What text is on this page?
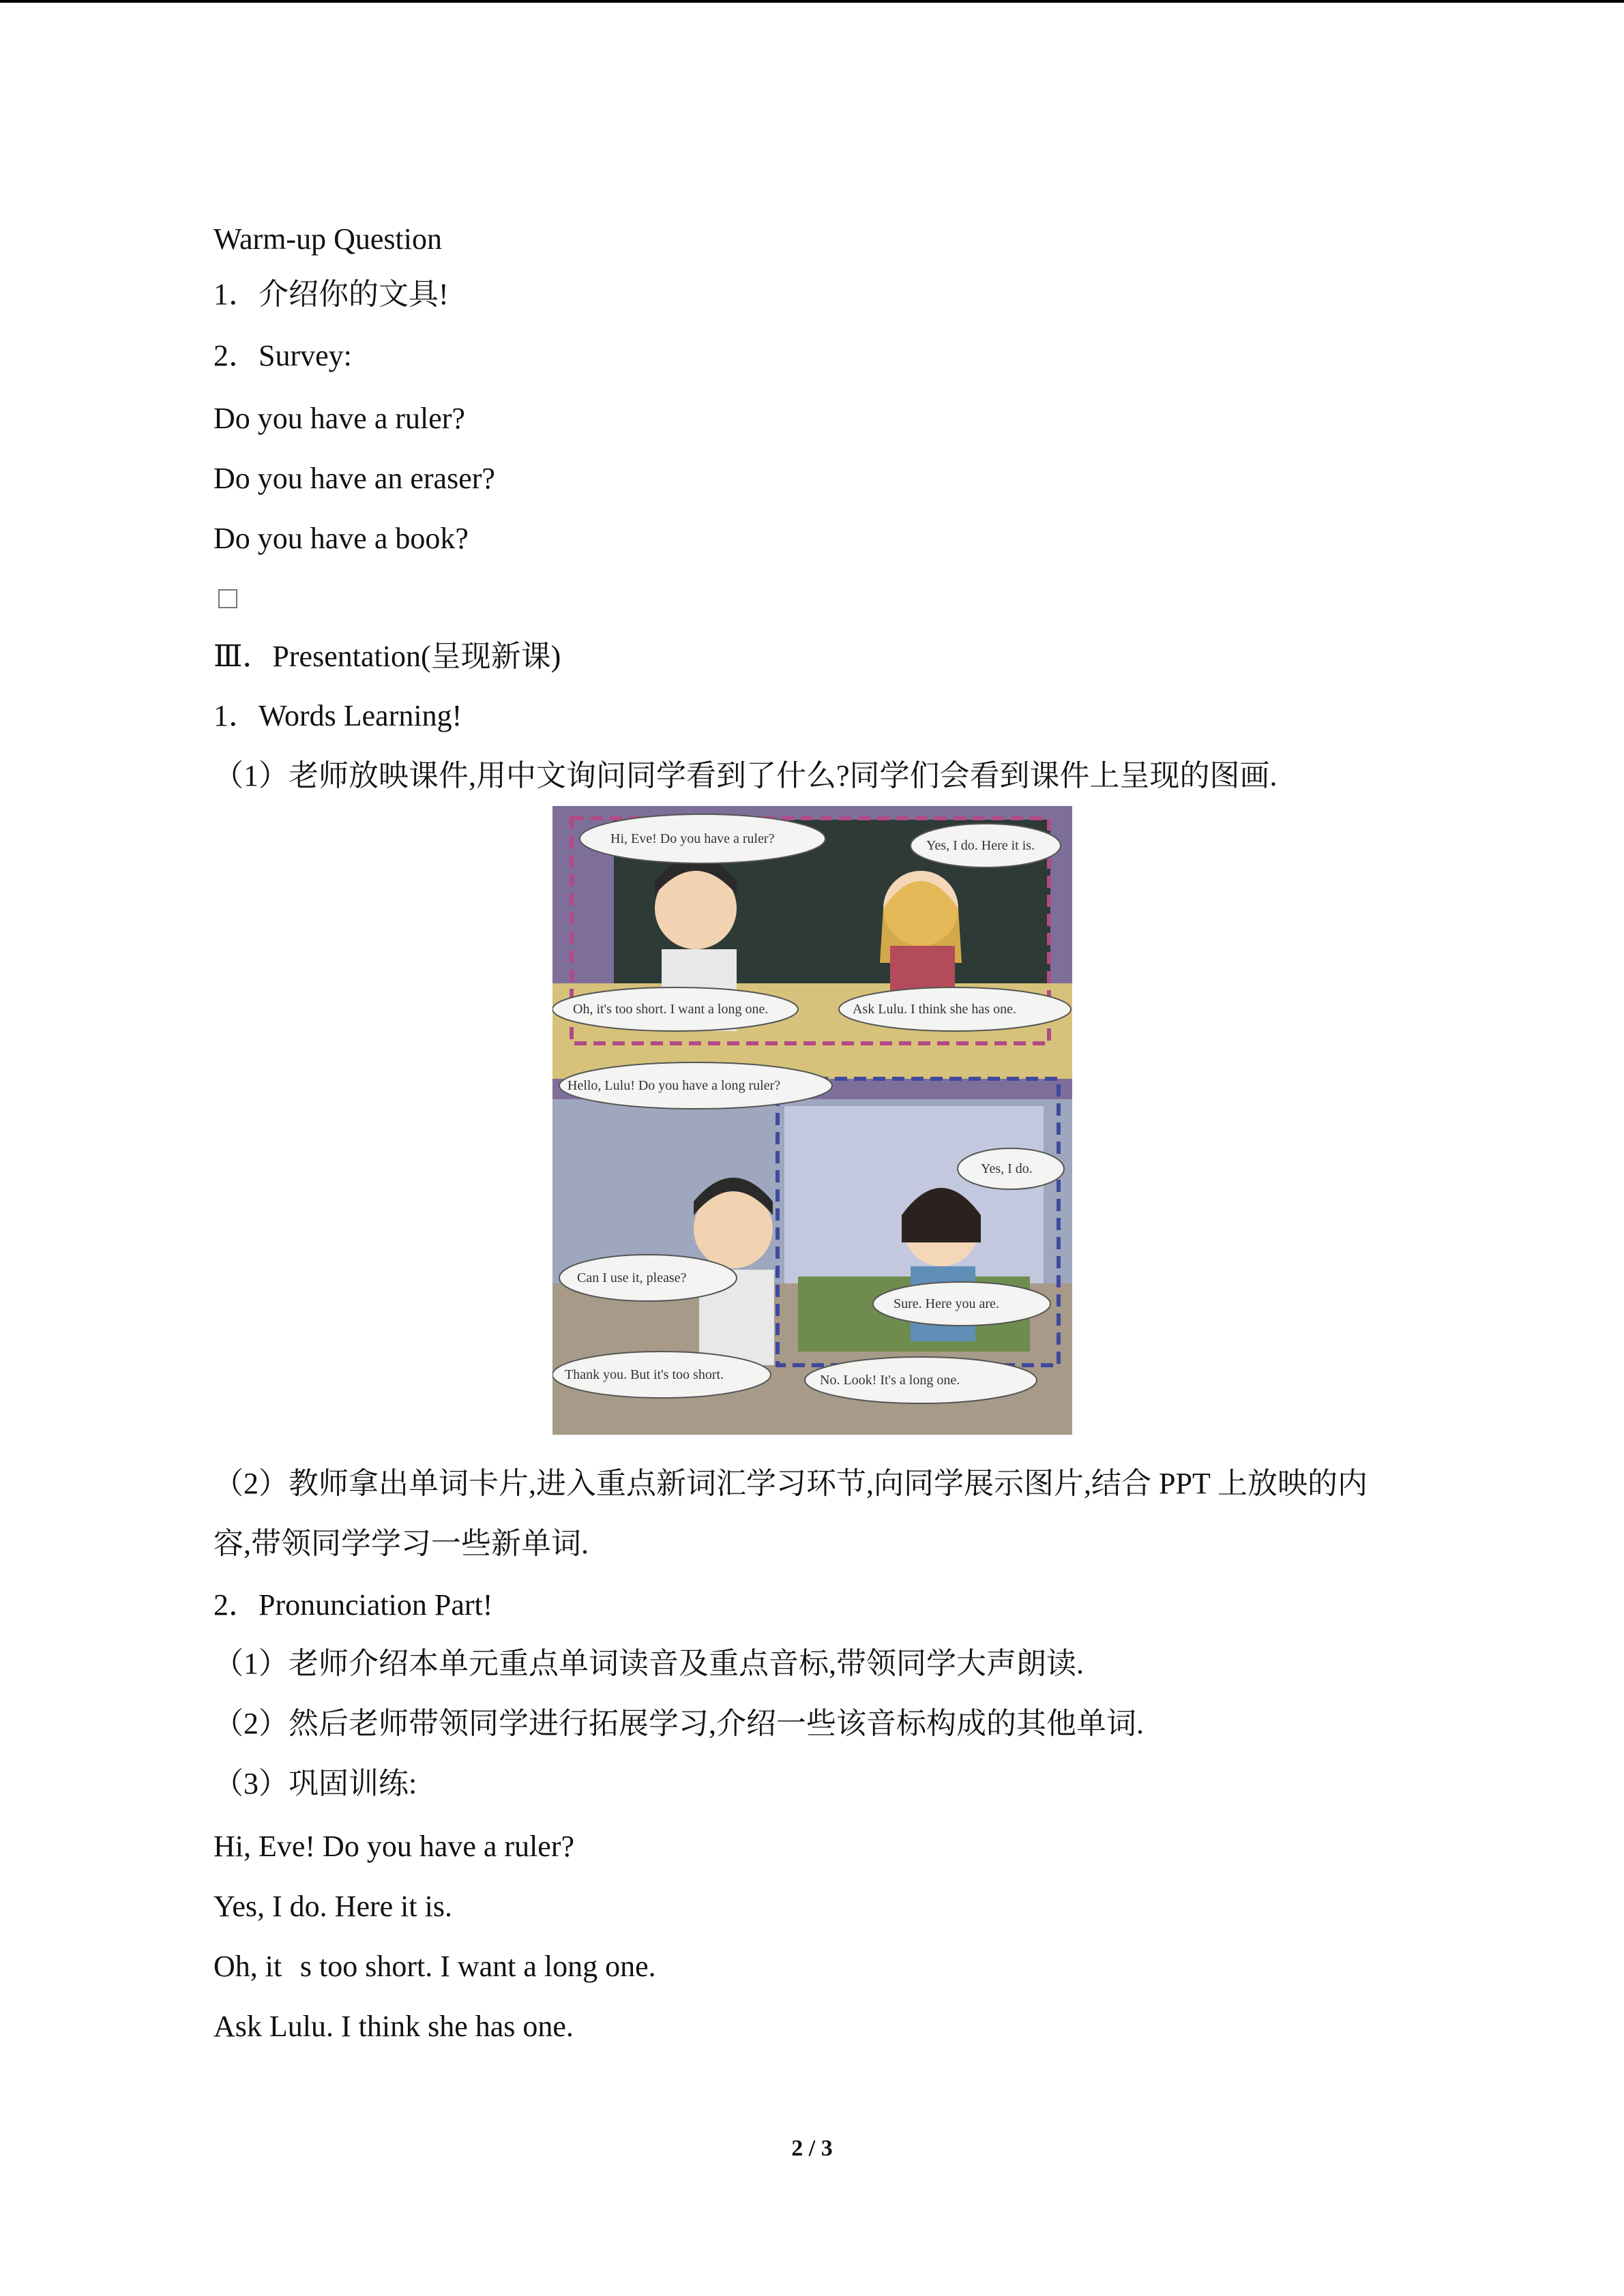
Warm-up Question

1．介绍你的文具!

2．Survey:

Do you have a ruler?

Do you have an eraser?

Do you have a book?

Ⅲ．Presentation(呈现新课)

1．Words Learning!

（1）老师放映课件,用中文询问同学看到了什么?同学们会看到课件上呈现的图画.

Hi, Eve! Do you have a ruler?	Yes, I do. Here it is.
Oh, it's too short. I want a long one.	Ask Lulu. I think she has one.
Hello, Lulu! Do you have a long ruler?
Yes, I do.
Can I use it, please?
Sure. Here you are.
Thank you. But it's too short.	No. Look! It's a long one.

（2）教师拿出单词卡片,进入重点新词汇学习环节,向同学展示图片,结合 PPT 上放映的内

容,带领同学学习一些新单词.

2．Pronunciation Part!

（1）老师介绍本单元重点单词读音及重点音标,带领同学大声朗读.

（2）然后老师带领同学进行拓展学习,介绍一些该音标构成的其他单词.

（3）巩固训练:

Hi, Eve! Do you have a ruler?

Yes, I do. Here it is.

Oh, its too short. I want a long one.

Ask Lulu. I think she has one.

2 / 3
